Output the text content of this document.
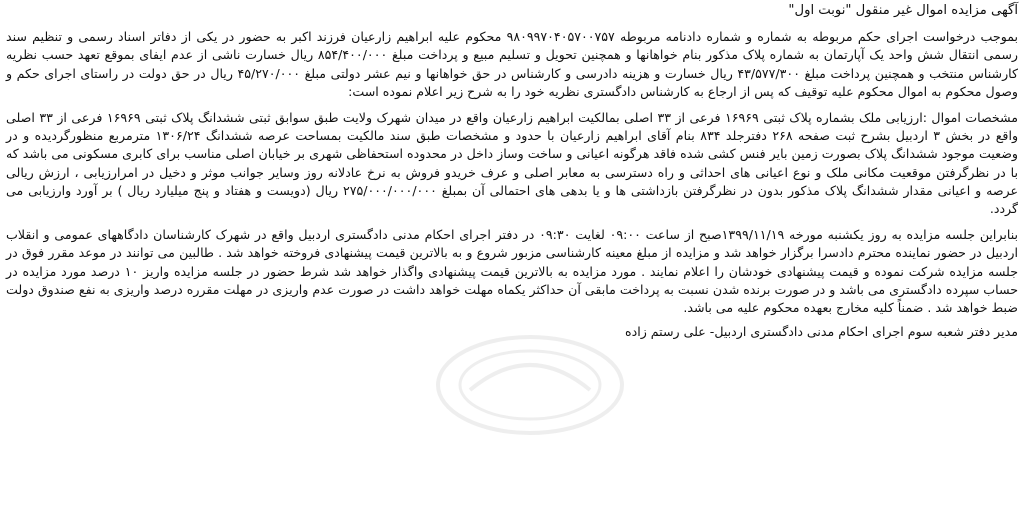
آگهی مزایده اموال غیر منقول "نوبت اول"

بموجب درخواست اجرای حکم مربوطه به شماره و شماره دادنامه مربوطه ۹۸۰۹۹۷۰۴۰۵۷۰۰۷۵۷ محکوم علیه ابراهیم زارعیان فرزند اکبر به حضور در یکی از دفاتر اسناد رسمی و تنظیم سند رسمی انتقال شش واحد یک آپارتمان به شماره پلاک مذکور بنام خواهانها و همچنین تحویل و تسلیم مبیع و پرداخت مبلغ ۸۵۴/۴۰۰/۰۰۰ ریال خسارت ناشی از عدم ایفای بموقع تعهد حسب نظریه کارشناس منتخب و همچنین پرداخت مبلغ ۴۳/۵۷۷/۳۰۰ ریال خسارت و هزینه دادرسی و کارشناس در حق خواهانها و نیم عشر دولتی مبلغ ۴۵/۲۷۰/۰۰۰ ریال در حق دولت در راستای اجرای حکم و وصول محکوم به اموال محکوم علیه توقیف که پس از ارجاع به کارشناس دادگستری نظریه خود را به شرح زیر اعلام نموده است:

مشخصات اموال :ارزیابی ملک بشماره پلاک ثبتی ۱۶۹۶۹ فرعی از ۳۳ اصلی بمالکیت ابراهیم زارعیان واقع در میدان شهرک ولایت طبق سوابق ثبتی ششدانگ پلاک ثبتی ۱۶۹۶۹ فرعی از ۳۳ اصلی واقع در بخش ۳ اردبیل بشرح ثبت صفحه ۲۶۸ دفترجلد ۸۳۴ بنام آقای ابراهیم زارعیان با حدود و مشخصات طبق سند مالکیت بمساحت عرصه ششدانگ ۱۳۰۶/۲۴ مترمربع منظورگردیده و در وضعیت موجود ششدانگ پلاک بصورت زمین بایر فنس کشی شده فاقد هرگونه اعیانی و ساخت وساز داخل در محدوده استحفاظی شهری بر خیابان اصلی مناسب برای کابری مسکونی می باشد که با در نظرگرفتن موقعیت مکانی ملک و نوع اعیانی های احداثی و راه دسترسی به معابر اصلی و عرف خریدو فروش به نرخ عادلانه روز وسایر جوانب موثر و دخیل در امرارزیابی ، ارزش ریالی عرصه و اعیانی مقدار ششدانگ پلاک مذکور بدون در نظرگرفتن بازداشتی ها و یا بدهی های احتمالی آن بمبلغ ۲۷۵/۰۰۰/۰۰۰/۰۰۰ ریال (دویست و هفتاد و پنج میلیارد ریال ) بر آورد وارزیابی می گردد.

بنابراین جلسه مزایده به روز یکشنبه مورخه ۱۳۹۹/۱۱/۱۹صبح از ساعت ۰۹:۰۰ لغایت ۰۹:۳۰ در دفتر اجرای احکام مدنی دادگستری اردبیل واقع در شهرک کارشناسان دادگاههای عمومی و انقلاب اردبیل در حضور نماینده محترم دادسرا برگزار خواهد شد و مزایده از مبلغ معینه کارشناسی مزبور شروع و به بالاترین قیمت پیشنهادی فروخته خواهد شد . طالبین می توانند در موعد مقرر فوق در جلسه مزایده شرکت نموده و قیمت پیشنهادی خودشان را اعلام نمایند . مورد مزایده به بالاترین قیمت پیشنهادی واگذار خواهد شد شرط حضور در جلسه مزایده واریز ۱۰ درصد مورد مزایده در حساب سپرده دادگستری می باشد و در صورت برنده شدن نسبت به پرداخت مابقی آن حداکثر یکماه مهلت خواهد داشت در صورت عدم واریزی در مهلت مقرره درصد واریزی به نفع صندوق دولت ضبط خواهد شد . ضمناً کلیه مخارج بعهده محکوم علیه می باشد.

مدیر دفتر شعبه سوم اجرای احکام مدنی دادگستری اردبیل- علی رستم زاده
